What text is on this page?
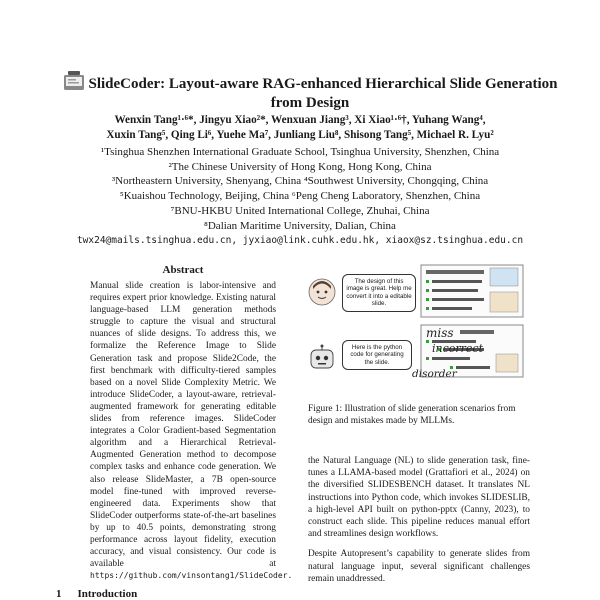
SlideCoder: Layout-aware RAG-enhanced Hierarchical Slide Generation from Design
Wenxin Tang¹·⁶*, Jingyu Xiao²*, Wenxuan Jiang³, Xi Xiao¹·⁶†, Yuhang Wang⁴,
Xuxin Tang⁵, Qing Li⁶, Yuehe Ma⁷, Junliang Liu⁸, Shisong Tang⁵, Michael R. Lyu²
¹Tsinghua Shenzhen International Graduate School, Tsinghua University, Shenzhen, China
²The Chinese University of Hong Kong, Hong Kong, China
³Northeastern University, Shenyang, China ⁴Southwest University, Chongqing, China
⁵Kuaishou Technology, Beijing, China ⁶Peng Cheng Laboratory, Shenzhen, China
⁷BNU-HKBU United International College, Zhuhai, China
⁸Dalian Maritime University, Dalian, China
twx24@mails.tsinghua.edu.cn, jyxiao@link.cuhk.edu.hk, xiaox@sz.tsinghua.edu.cn
Abstract

Manual slide creation is labor-intensive and requires expert prior knowledge. Existing natural language-based LLM generation methods struggle to capture the visual and structural nuances of slide designs. To address this, we formalize the Reference Image to Slide Generation task and propose Slide2Code, the first benchmark with difficulty-tiered samples based on a novel Slide Complexity Metric. We introduce SlideCoder, a layout-aware, retrieval-augmented framework for generating editable slides from reference images. SlideCoder integrates a Color Gradient-based Segmentation algorithm and a Hierarchical Retrieval-Augmented Generation method to decompose complex tasks and enhance code generation. We also release SlideMaster, a 7B open-source model fine-tuned with improved reverse-engineered data. Experiments show that SlideCoder outperforms state-of-the-art baselines by up to 40.5 points, demonstrating strong performance across layout fidelity, execution accuracy, and visual consistency. Our code is available at https://github.com/vinsontang1/SlideCoder.

1 Introduction
The design of this image is great. Help me convert it into a editable slide.
Here is the python code for generating the slide.
miss
incorrect
disorder
Figure 1: Illustration of slide generation scenarios from design and mistakes made by MLLMs.

the Natural Language (NL) to slide generation task, fine-tunes a LLAMA-based model (Grattafiori et al., 2024) on the diversified SLIDESBENCH dataset. It translates NL instructions into Python code, which invokes SLIDESLIB, a high-level API built on python-pptx (Canny, 2023), to construct each slide. This pipeline reduces manual effort and streamlines design workflows.

Despite Autopresent’s capability to generate slides from natural language input, several significant challenges remain unaddressed.
